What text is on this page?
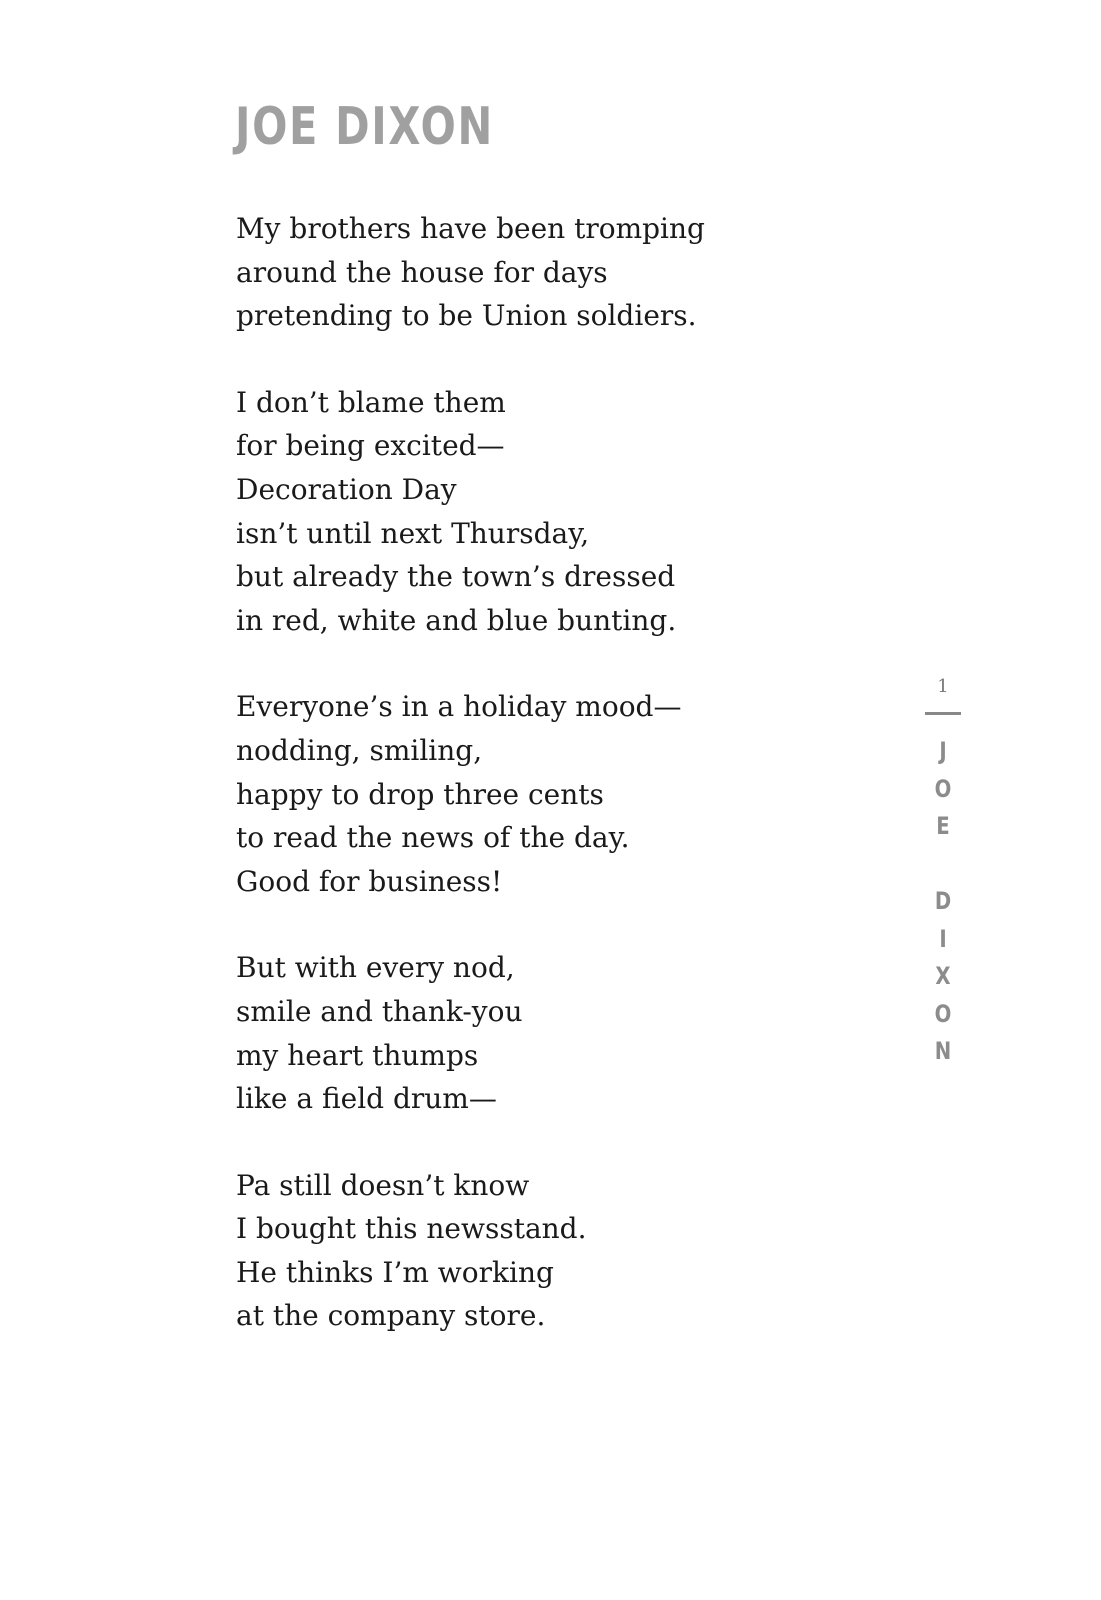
JOE DIXON

My brothers have been tromping
around the house for days
pretending to be Union soldiers.

I don’t blame them
for being excited—
Decoration Day
isn’t until next Thursday,
but already the town’s dressed
in red, white and blue bunting.

Everyone’s in a holiday mood—
nodding, smiling,
happy to drop three cents
to read the news of the day.
Good for business!

But with every nod,
smile and thank-you
my heart thumps
like a field drum—

Pa still doesn’t know
I bought this newsstand.
He thinks I’m working
at the company store.

1
J
O
E

D
I
X
O
N
